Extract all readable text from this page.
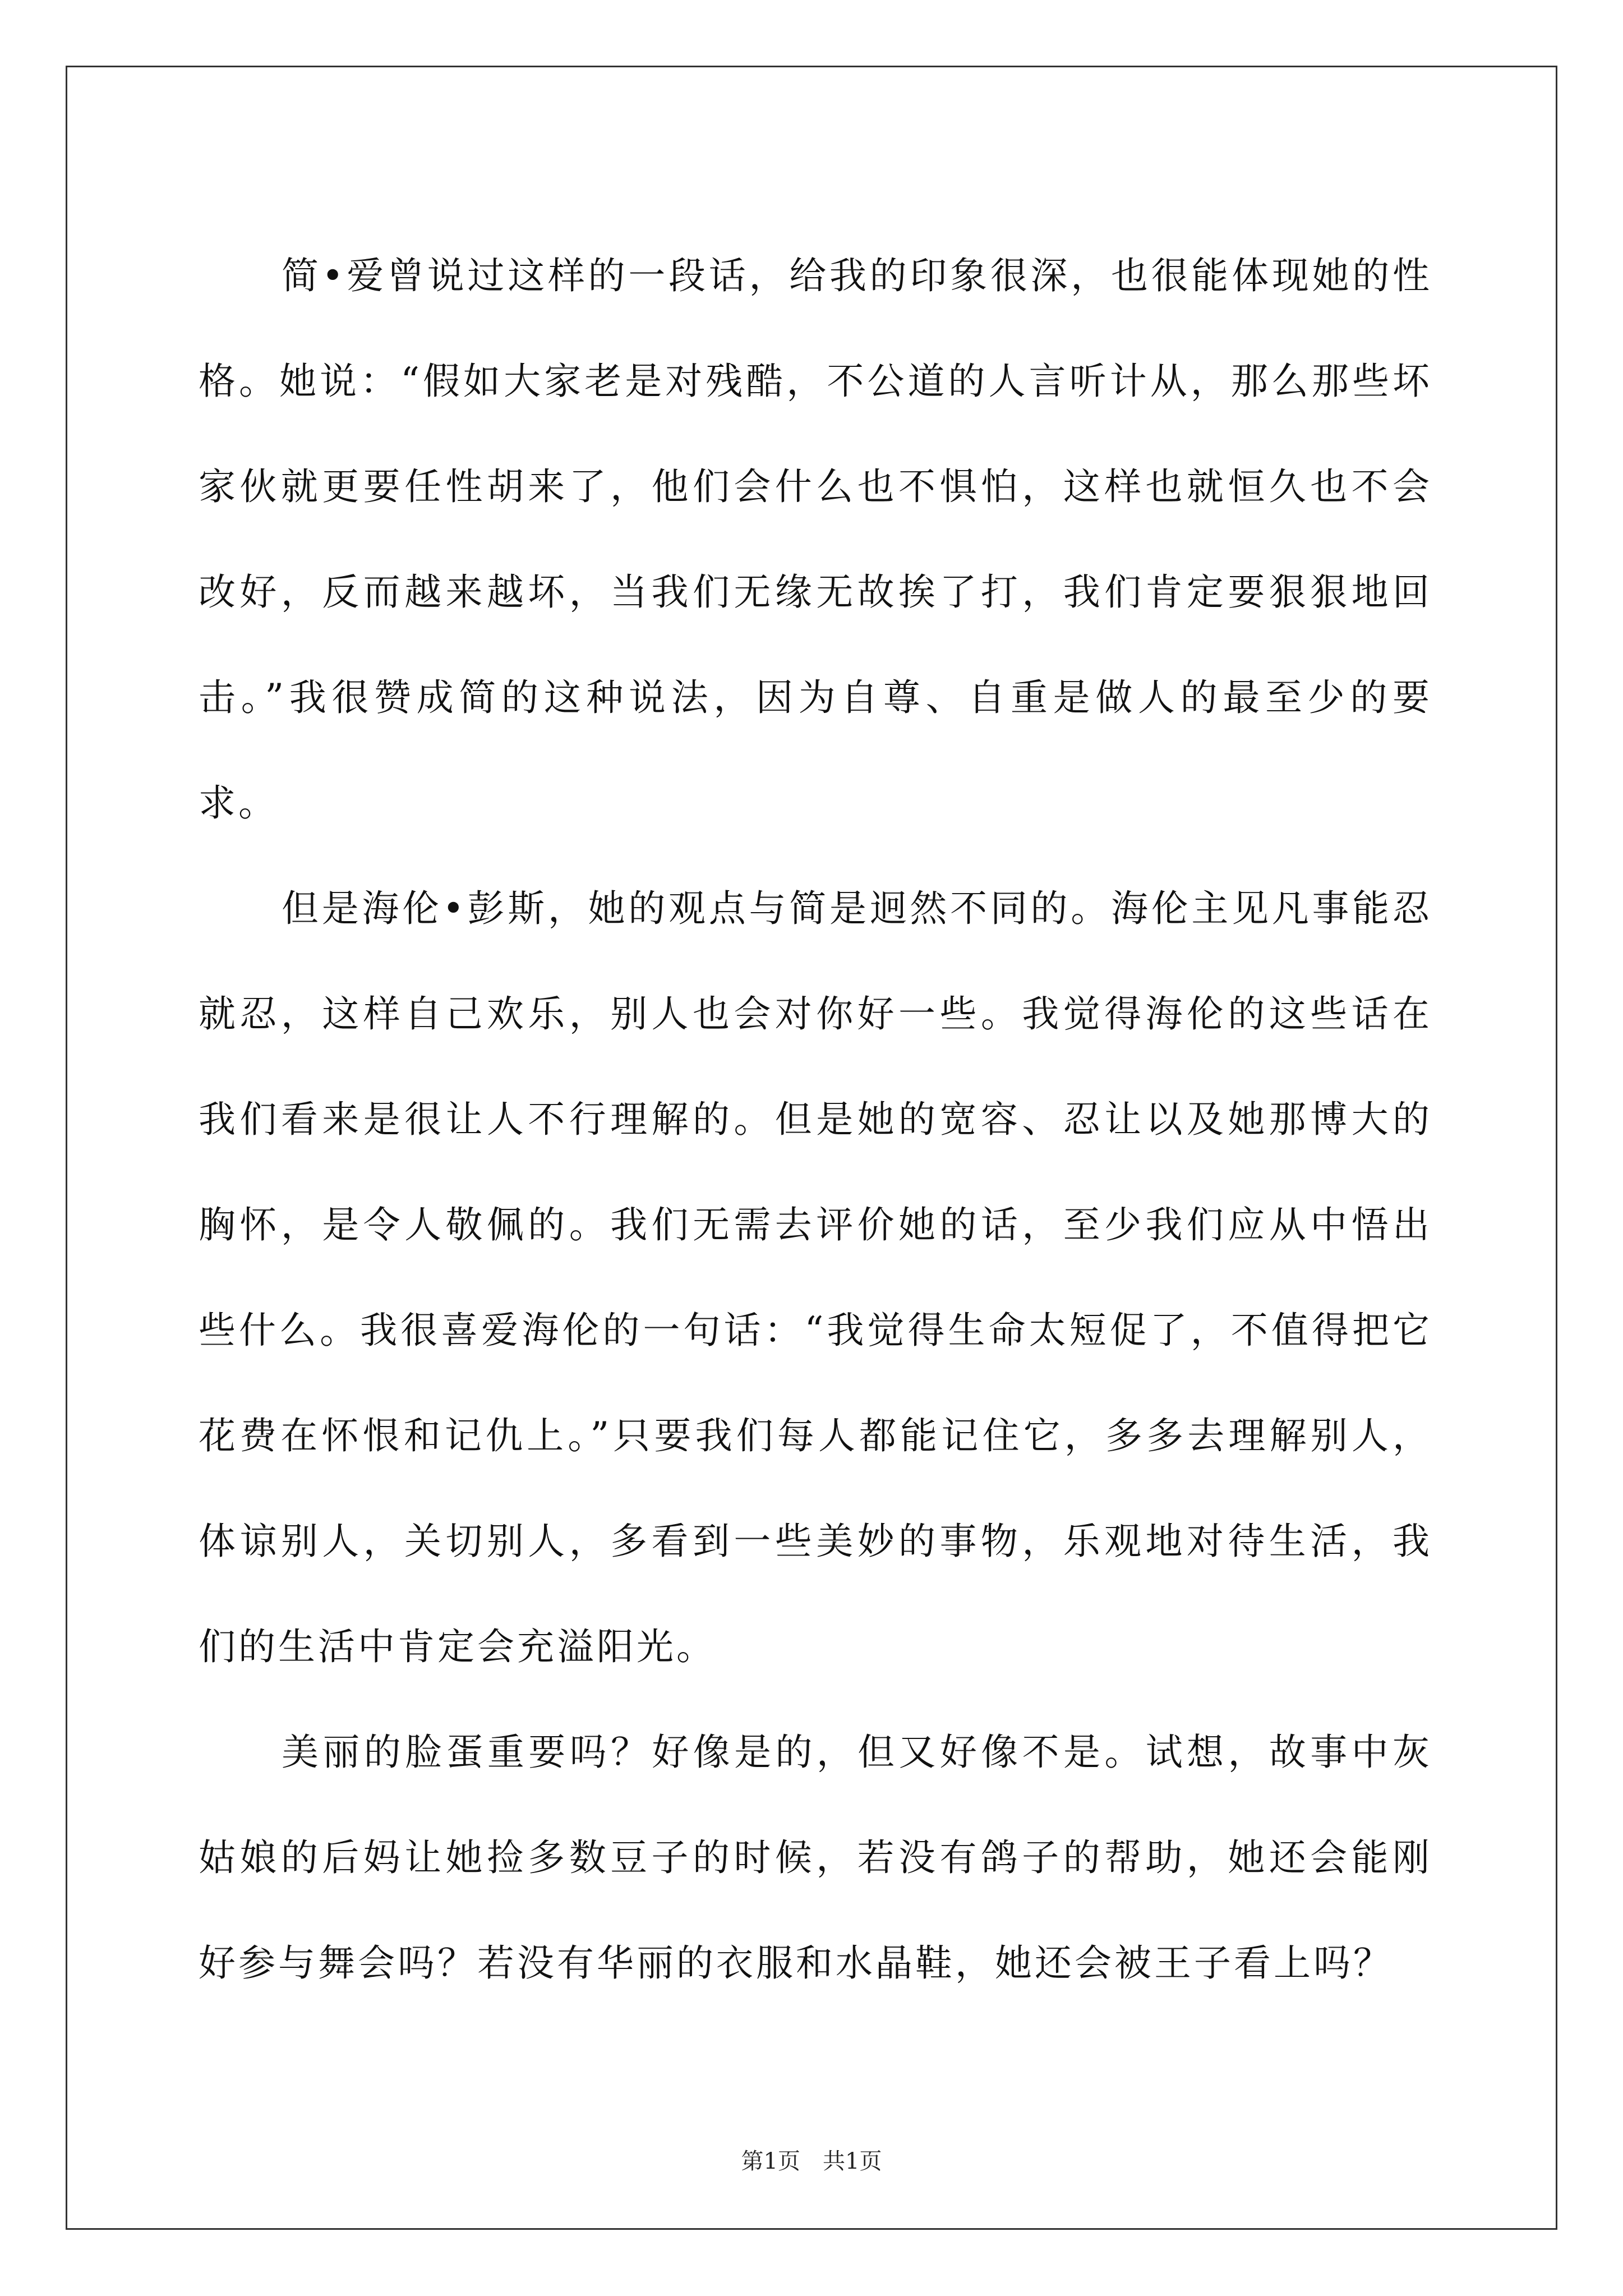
简•爱曾说过这样的一段话，给我的印象很深，也很能体现她的性格。她说：“假如大家老是对残酷，不公道的人言听计从，那么那些坏家伙就更要任性胡来了，他们会什么也不惧怕，这样也就恒久也不会改好，反而越来越坏，当我们无缘无故挨了打，我们肯定要狠狠地回击。”我很赞成简的这种说法，因为自尊、自重是做人的最至少的要求。

但是海伦•彭斯，她的观点与简是迥然不同的。海伦主见凡事能忍就忍，这样自己欢乐，别人也会对你好一些。我觉得海伦的这些话在我们看来是很让人不行理解的。但是她的宽容、忍让以及她那博大的胸怀，是令人敬佩的。我们无需去评价她的话，至少我们应从中悟出些什么。我很喜爱海伦的一句话：“我觉得生命太短促了，不值得把它花费在怀恨和记仇上。”只要我们每人都能记住它，多多去理解别人，体谅别人，关切别人，多看到一些美妙的事物，乐观地对待生活，我们的生活中肯定会充溢阳光。

美丽的脸蛋重要吗？好像是的，但又好像不是。试想，故事中灰姑娘的后妈让她捡多数豆子的时候，若没有鸽子的帮助，她还会能刚好参与舞会吗？若没有华丽的衣服和水晶鞋，她还会被王子看上吗？

第1页　共1页
